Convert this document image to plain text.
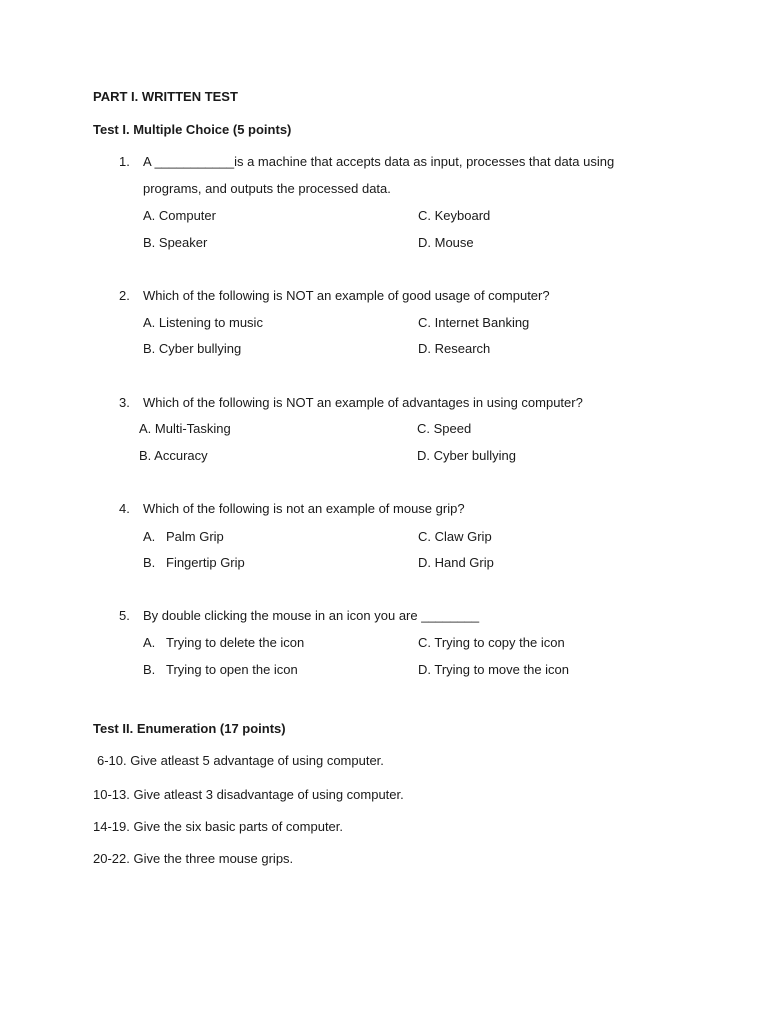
PART I. WRITTEN TEST
Test I. Multiple Choice (5 points)
1. A ___________is a machine that accepts data as input, processes that data using
programs, and outputs the processed data.
A. Computer	C. Keyboard
B. Speaker	D. Mouse
2. Which of the following is NOT an example of good usage of computer?
A. Listening to music	C. Internet Banking
B. Cyber bullying	D. Research
3. Which of the following is NOT an example of advantages in using computer?
A. Multi-Tasking	C. Speed
B. Accuracy	D. Cyber bullying
4. Which of the following is not an example of mouse grip?
A. Palm Grip	C. Claw Grip
B. Fingertip Grip	D. Hand Grip
5. By double clicking the mouse in an icon you are ________
A. Trying to delete the icon	C. Trying to copy the icon
B. Trying to open the icon	D. Trying to move the icon
Test II. Enumeration (17 points)
6-10. Give atleast 5 advantage of using computer.
10-13. Give atleast 3 disadvantage of using computer.
14-19. Give the six basic parts of computer.
20-22. Give the three mouse grips.
